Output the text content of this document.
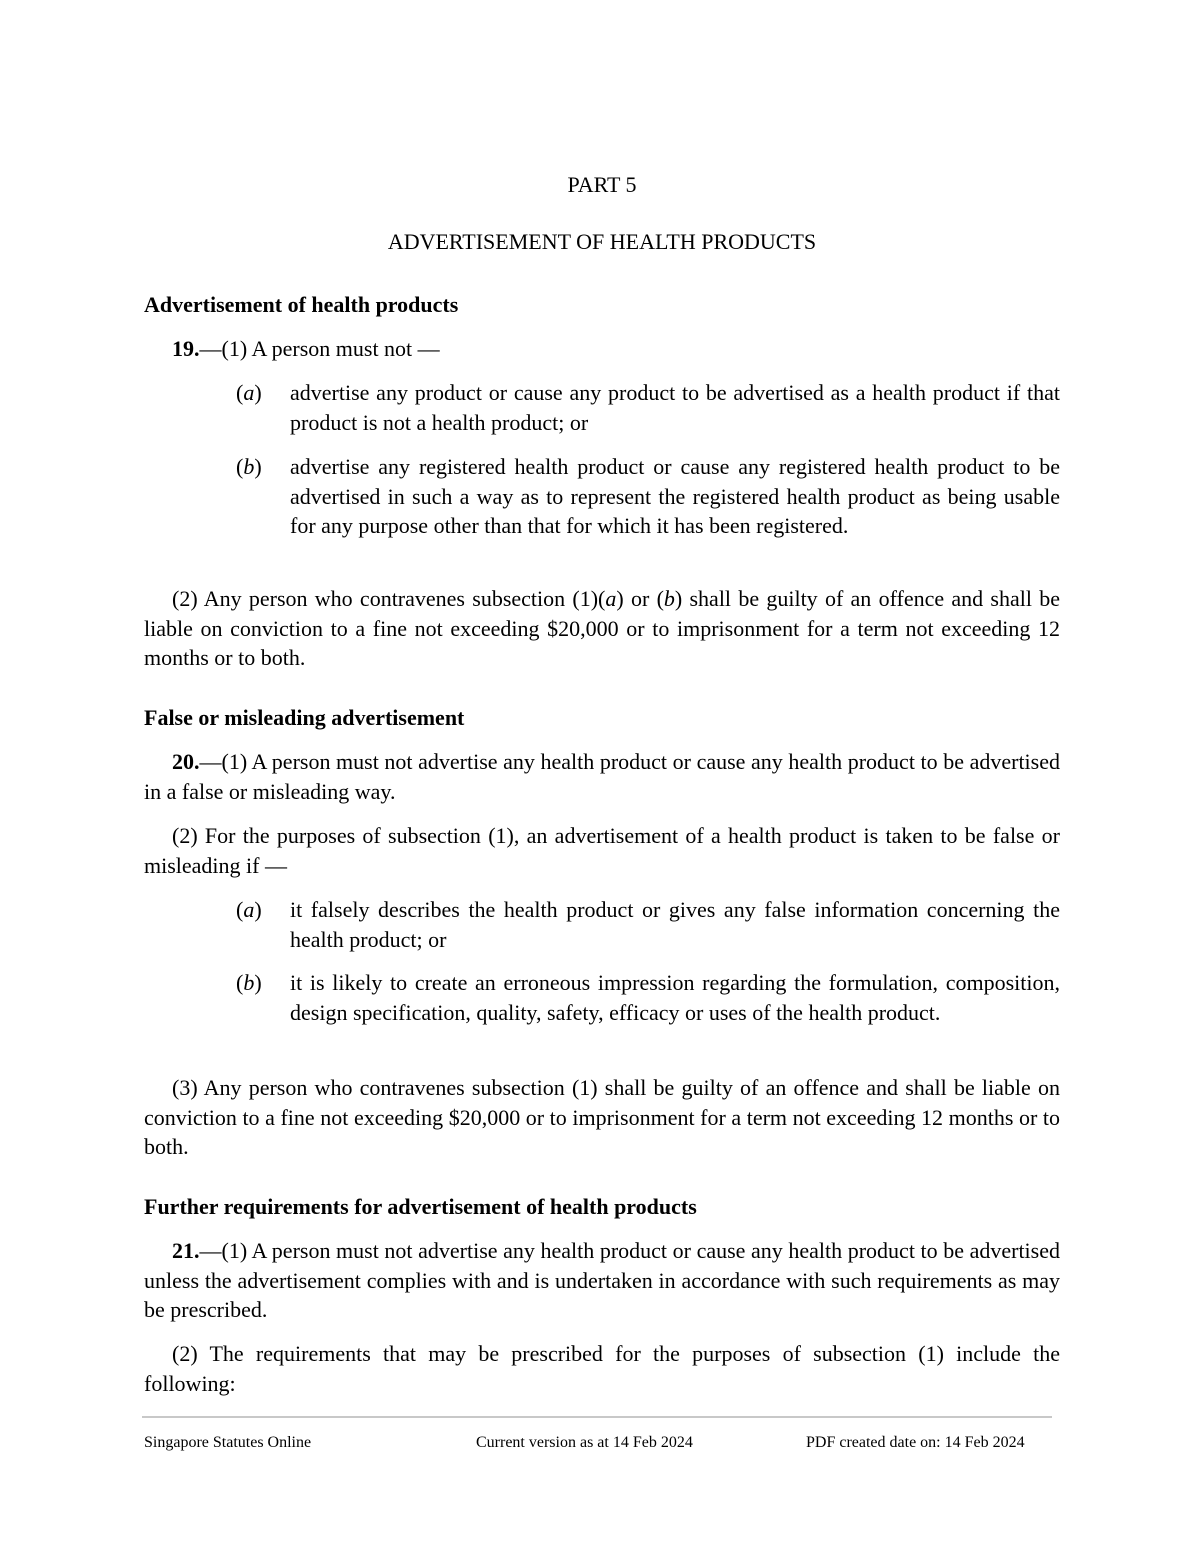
PART 5
ADVERTISEMENT OF HEALTH PRODUCTS
Advertisement of health products
19.—(1) A person must not —
(a)	advertise any product or cause any product to be advertised as a health product if that product is not a health product; or
(b)	advertise any registered health product or cause any registered health product to be advertised in such a way as to represent the registered health product as being usable for any purpose other than that for which it has been registered.
(2) Any person who contravenes subsection (1)(a) or (b) shall be guilty of an offence and shall be liable on conviction to a fine not exceeding $20,000 or to imprisonment for a term not exceeding 12 months or to both.
False or misleading advertisement
20.—(1) A person must not advertise any health product or cause any health product to be advertised in a false or misleading way.
(2) For the purposes of subsection (1), an advertisement of a health product is taken to be false or misleading if —
(a)	it falsely describes the health product or gives any false information concerning the health product; or
(b)	it is likely to create an erroneous impression regarding the formulation, composition, design specification, quality, safety, efficacy or uses of the health product.
(3) Any person who contravenes subsection (1) shall be guilty of an offence and shall be liable on conviction to a fine not exceeding $20,000 or to imprisonment for a term not exceeding 12 months or to both.
Further requirements for advertisement of health products
21.—(1) A person must not advertise any health product or cause any health product to be advertised unless the advertisement complies with and is undertaken in accordance with such requirements as may be prescribed.
(2) The requirements that may be prescribed for the purposes of subsection (1) include the following:
Singapore Statutes Online	Current version as at 14 Feb 2024	PDF created date on: 14 Feb 2024
